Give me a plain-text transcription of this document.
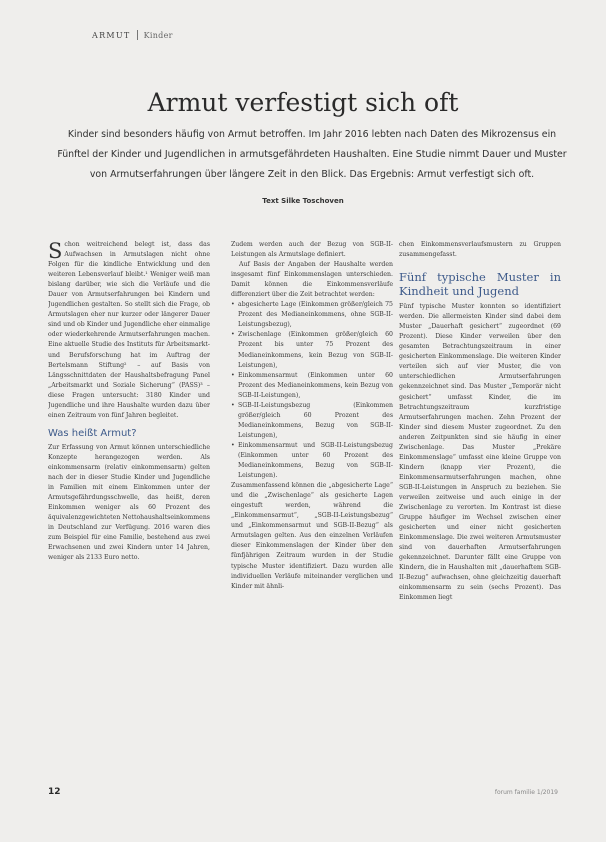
ARMUT Kinder
Armut verfestigt sich oft

Kinder sind besonders häufig von Armut betroffen. Im Jahr 2016 lebten nach Daten des Mikrozensus ein Fünftel der Kinder und Jugendlichen in armutsgefährdeten Haushalten. Eine Studie nimmt Dauer und Muster von Armutserfahrungen über längere Zeit in den Blick. Das Ergebnis: Armut verfestigt sich oft.

Text Silke Toschoven
S chon weitreichend belegt ist, dass das Aufwachsen in Armutslagen nicht ohne Folgen für die kindliche Entwicklung und den weiteren Lebensverlauf bleibt.¹ Weniger weiß man bislang darüber, wie sich die Verläufe und die Dauer von Armutserfahrungen bei Kindern und Jugendlichen gestalten. So stellt sich die Frage, ob Armutslagen eher nur kurzer oder längerer Dauer sind und ob Kinder und Jugendliche eher einmalige oder wiederkehrende Armutserfahrungen machen. Eine aktuelle Studie des Instituts für Arbeitsmarkt- und Berufsforschung hat im Auftrag der Bertelsmann Stiftung² – auf Basis von Längsschnittdaten der Haushaltsbefragung Panel „Arbeitsmarkt und Soziale Sicherung“ (PASS)³ – diese Fragen untersucht: 3180 Kinder und Jugendliche und ihre Haushalte wurden dazu über einen Zeitraum von fünf Jahren begleitet.

Was heißt Armut?

Zur Erfassung von Armut können unterschiedliche Konzepte herangezogen werden. Als einkommensarm (relativ einkommensarm) gelten nach der in dieser Studie Kinder und Jugendliche in Familien mit einem Einkommen unter der Armutsgefährdungsschwelle, das heißt, deren Einkommen weniger als 60 Prozent des äquivalenzgewichteten Nettohaushaltseinkommens in Deutschland zur Verfügung. 2016 waren dies zum Beispiel für eine Familie, bestehend aus zwei Erwachsenen und zwei Kindern unter 14 Jahren, weniger als 2133 Euro netto.

Zudem werden auch der Bezug von SGB-II-Leistungen als Armutslage definiert.

Auf Basis der Angaben der Haushalte werden insgesamt fünf Einkommenslagen unterschieden. Damit können die Einkommensverläufe differenziert über die Zeit betrachtet werden:

• abgesicherte Lage (Einkommen größer/gleich 75 Prozent des Medianeinkommens, ohne SGB-II-Leistungsbezug),
• Zwischenlage (Einkommen größer/gleich 60 Prozent bis unter 75 Prozent des Medianeinkommens, kein Bezug von SGB-II-Leistungen),
• Einkommensarmut (Einkommen unter 60 Prozent des Medianeinkommens, kein Bezug von SGB-II-Leistungen),
• SGB-II-Leistungsbezug (Einkommen größer/gleich 60 Prozent des Medianeinkommens, Bezug von SGB-II-Leistungen),
• Einkommensarmut und SGB-II-Leistungsbezug (Einkommen unter 60 Prozent des Medianeinkommens, Bezug von SGB-II-Leistungen).

Zusammenfassend können die „abgesicherte Lage“ und die „Zwischenlage“ als gesicherte Lagen eingestuft werden, während die „Einkommensarmut“, „SGB-II-Leistungsbezug“ und „Einkommensarmut und SGB-II-Bezug“ als Armutslagen gelten. Aus den einzelnen Verläufen dieser Einkommenslagen der Kinder über den fünfjährigen Zeitraum wurden in der Studie typische Muster identifiziert. Dazu wurden alle individuellen Verläufe miteinander verglichen und Kinder mit ähnli-

chen Einkommensverlaufsmustern zu Gruppen zusammengefasst.

Fünf typische Muster in Kindheit und Jugend

Fünf typische Muster konnten so identifiziert werden. Die allermeisten Kinder sind dabei dem Muster „Dauerhaft gesichert“ zugeordnet (69 Prozent). Diese Kinder verweilen über den gesamten Betrachtungszeitraum in einer gesicherten Einkommenslage. Die weiteren Kinder verteilen sich auf vier Muster, die von unterschiedlichen Armutserfahrungen gekennzeichnet sind. Das Muster „Temporär nicht gesichert“ umfasst Kinder, die im Betrachtungszeitraum kurzfristige Armutserfahrungen machen. Zehn Prozent der Kinder sind diesem Muster zugeordnet. Zu den anderen Zeitpunkten sind sie häufig in einer Zwischenlage. Das Muster „Prekäre Einkommenslage“ umfasst eine kleine Gruppe von Kindern (knapp vier Prozent), die Einkommensarmutserfahrungen machen, ohne SGB-II-Leistungen in Anspruch zu beziehen. Sie verweilen zeitweise und auch einige in der Zwischenlage zu verorten. Im Kontrast ist diese Gruppe häufiger im Wechsel zwischen einer gesicherten und einer nicht gesicherten Einkommenslage. Die zwei weiteren Armutsmuster sind von dauerhaften Armutserfahrungen gekennzeichnet. Darunter fällt eine Gruppe von Kindern, die in Haushalten mit „dauerhaftem SGB-II-Bezug“ aufwachsen, ohne gleichzeitig dauerhaft einkommensarm zu sein (sechs Prozent). Das Einkommen liegt

12	forum familie 1/2019
